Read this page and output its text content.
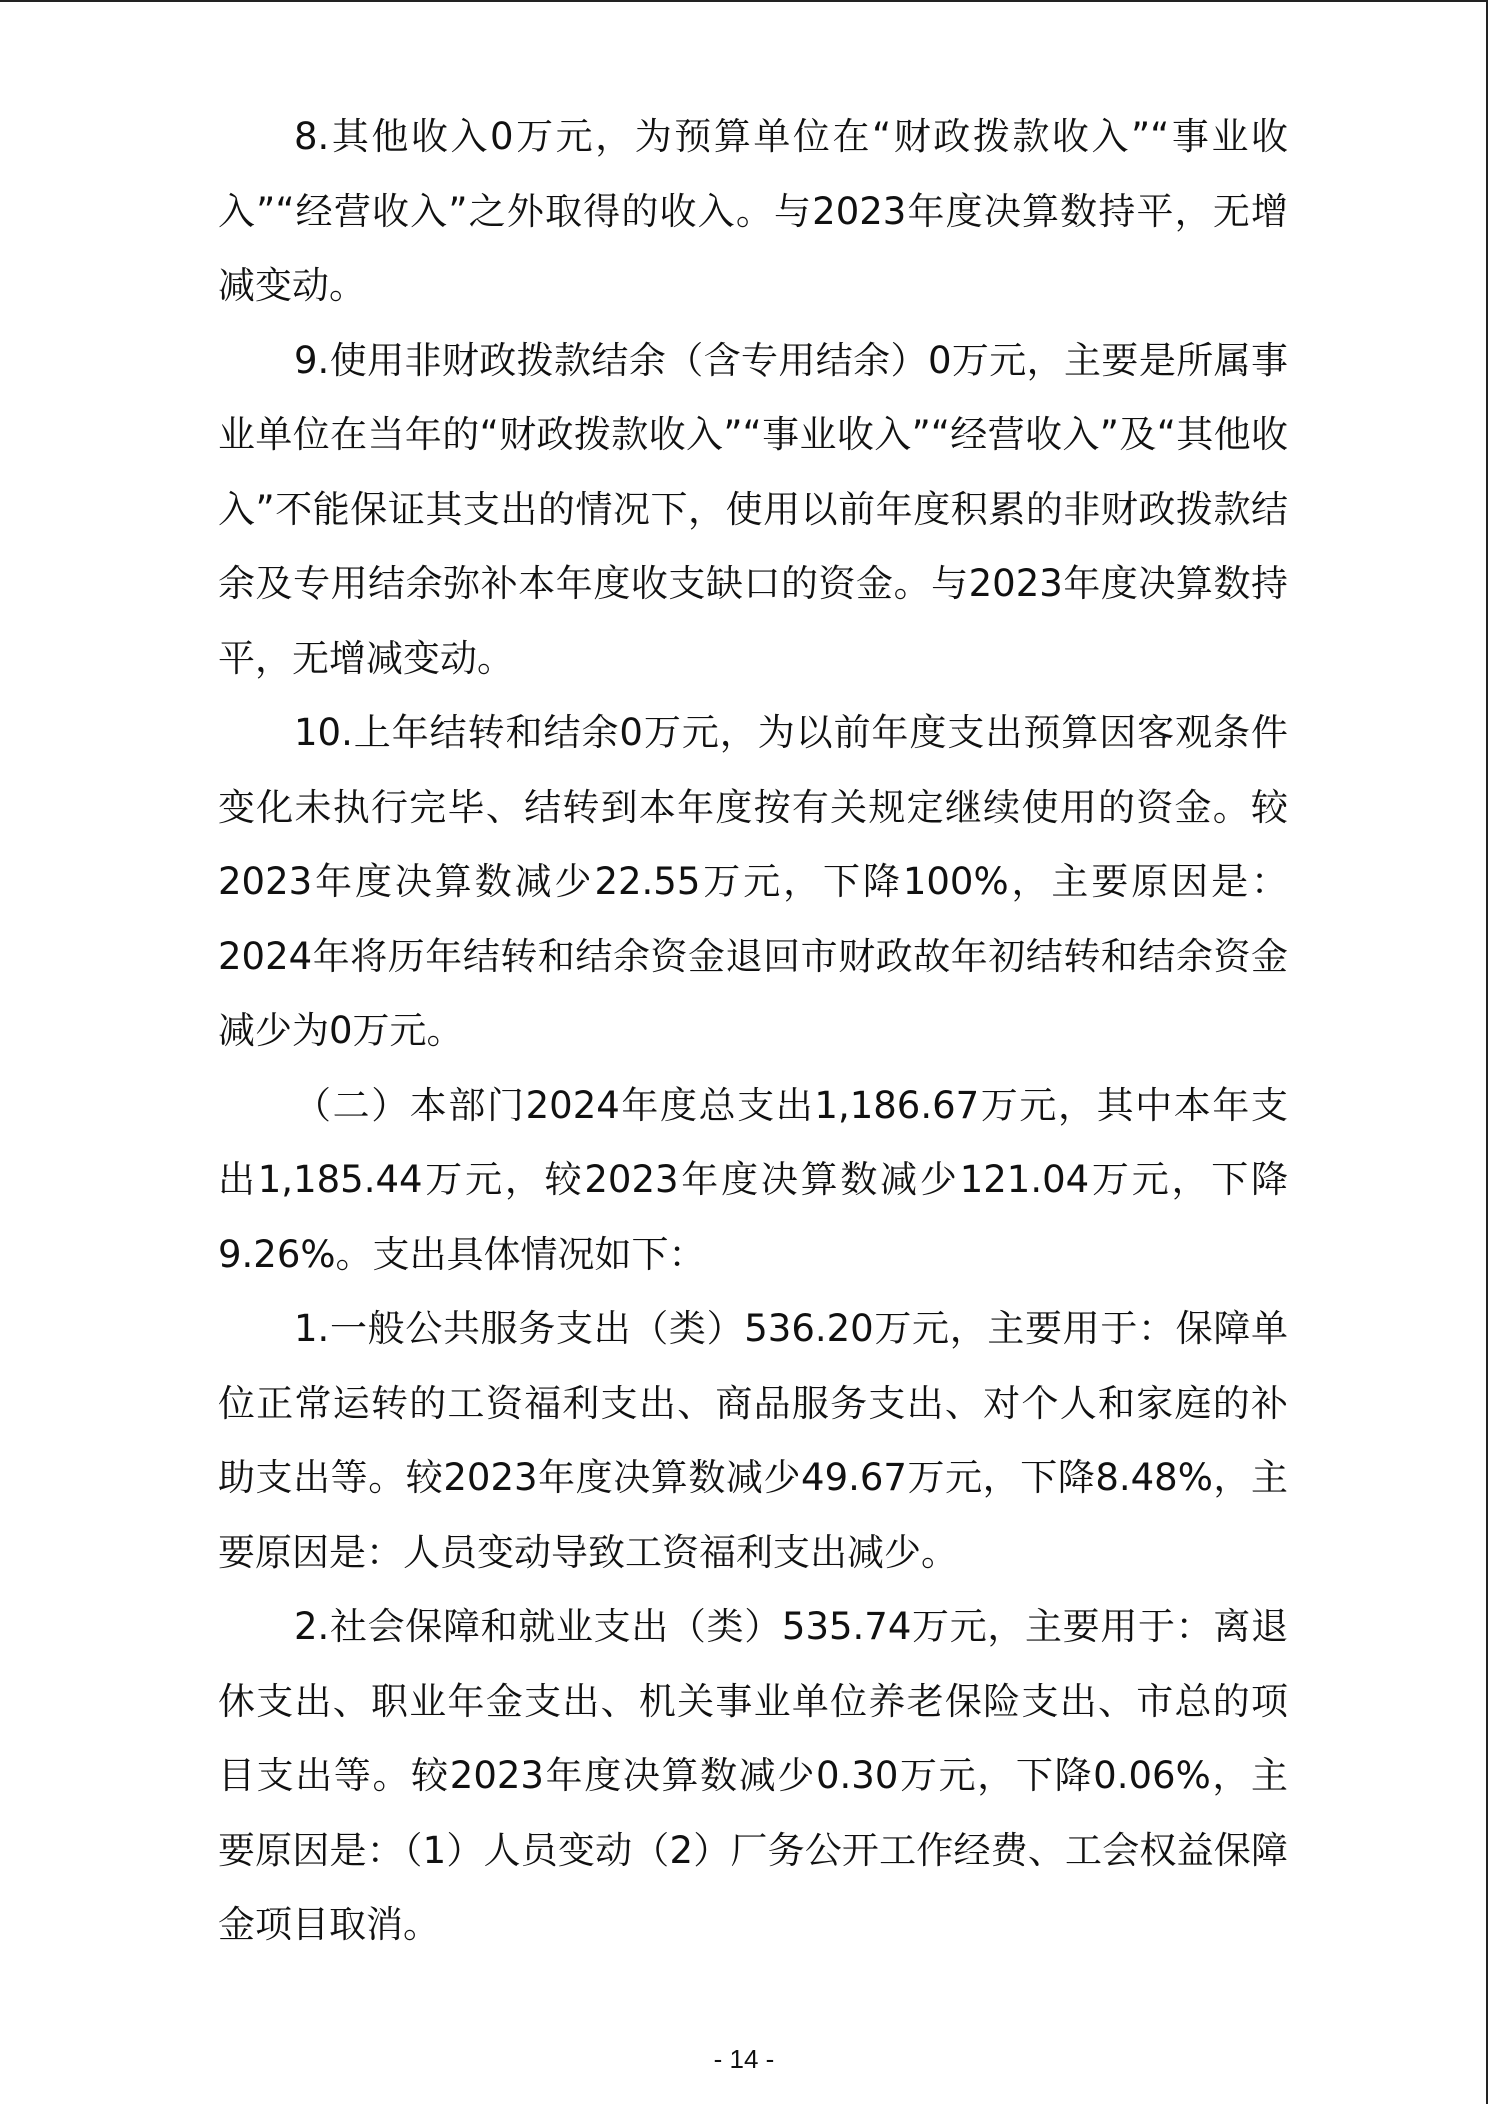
8.其他收入0万元，为预算单位在“财政拨款收入”“事业收入”“经营收入”之外取得的收入。与2023年度决算数持平，无增减变动。

9.使用非财政拨款结余（含专用结余）0万元，主要是所属事业单位在当年的“财政拨款收入”“事业收入”“经营收入”及“其他收入”不能保证其支出的情况下，使用以前年度积累的非财政拨款结余及专用结余弥补本年度收支缺口的资金。与2023年度决算数持平，无增减变动。

10.上年结转和结余0万元，为以前年度支出预算因客观条件变化未执行完毕、结转到本年度按有关规定继续使用的资金。较2023年度决算数减少22.55万元，下降100%，主要原因是：2024年将历年结转和结余资金退回市财政故年初结转和结余资金减少为0万元。

（二）本部门2024年度总支出1,186.67万元，其中本年支出1,185.44万元，较2023年度决算数减少121.04万元，下降9.26%。支出具体情况如下：

1.一般公共服务支出（类）536.20万元，主要用于：保障单位正常运转的工资福利支出、商品服务支出、对个人和家庭的补助支出等。较2023年度决算数减少49.67万元，下降8.48%，主要原因是：人员变动导致工资福利支出减少。

2.社会保障和就业支出（类）535.74万元，主要用于：离退休支出、职业年金支出、机关事业单位养老保险支出、市总的项目支出等。较2023年度决算数减少0.30万元，下降0.06%，主要原因是：（1）人员变动（2）厂务公开工作经费、工会权益保障金项目取消。

- 14 -
